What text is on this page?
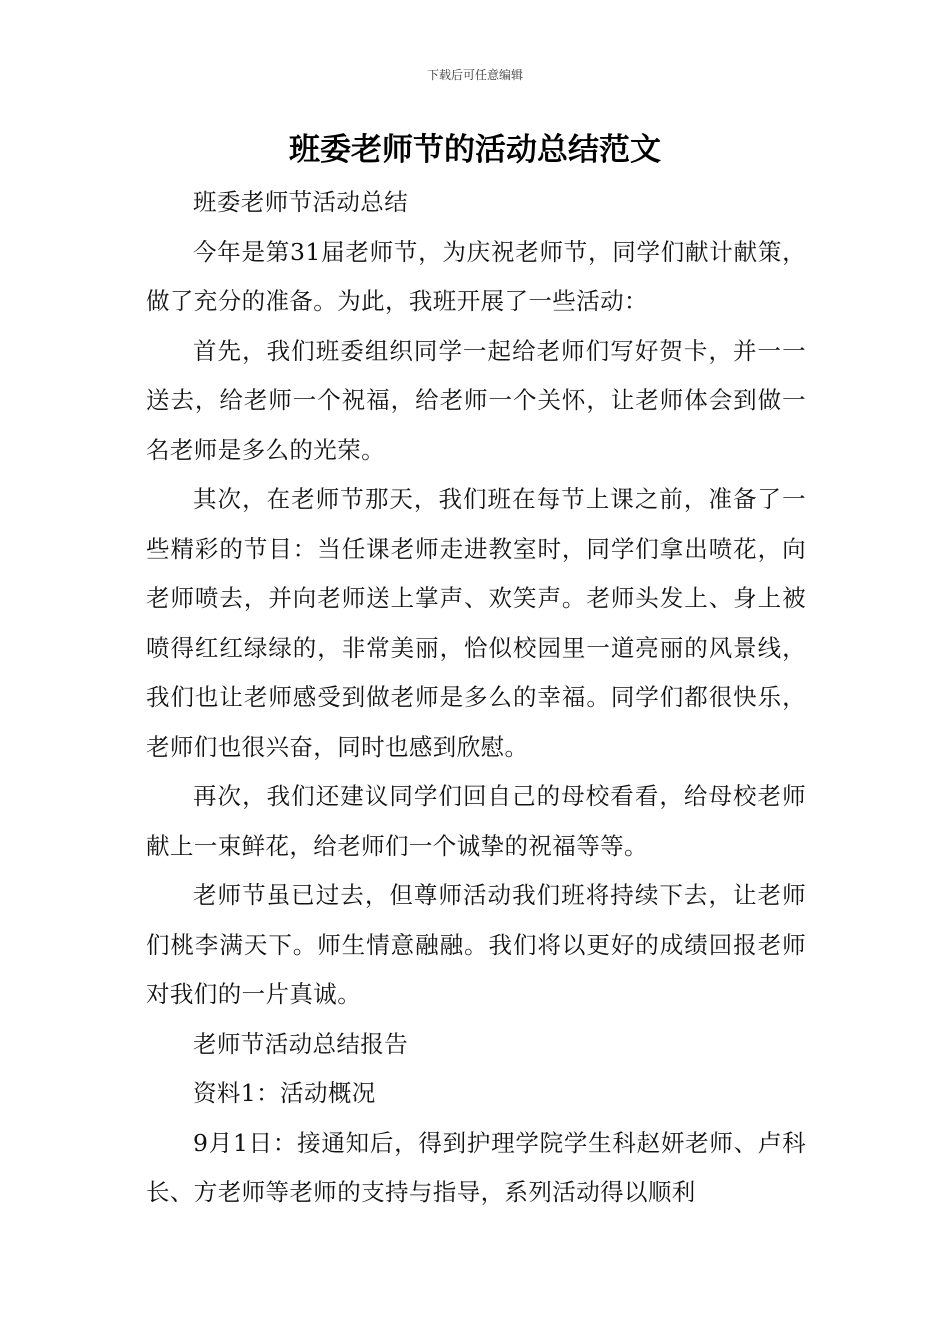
下载后可任意编辑
班委老师节的活动总结范文

班委老师节活动总结

今年是第31届老师节，为庆祝老师节，同学们献计献策，做了充分的准备。为此，我班开展了一些活动：

首先，我们班委组织同学一起给老师们写好贺卡，并一一送去，给老师一个祝福，给老师一个关怀，让老师体会到做一名老师是多么的光荣。

其次，在老师节那天，我们班在每节上课之前，准备了一些精彩的节目：当任课老师走进教室时，同学们拿出喷花，向老师喷去，并向老师送上掌声、欢笑声。老师头发上、身上被喷得红红绿绿的，非常美丽，恰似校园里一道亮丽的风景线，我们也让老师感受到做老师是多么的幸福。同学们都很快乐，老师们也很兴奋，同时也感到欣慰。

再次，我们还建议同学们回自己的母校看看，给母校老师献上一束鲜花，给老师们一个诚挚的祝福等等。

老师节虽已过去，但尊师活动我们班将持续下去，让老师们桃李满天下。师生情意融融。我们将以更好的成绩回报老师对我们的一片真诚。

老师节活动总结报告

资料1：活动概况

9月1日：接通知后，得到护理学院学生科赵妍老师、卢科长、方老师等老师的支持与指导，系列活动得以顺利
